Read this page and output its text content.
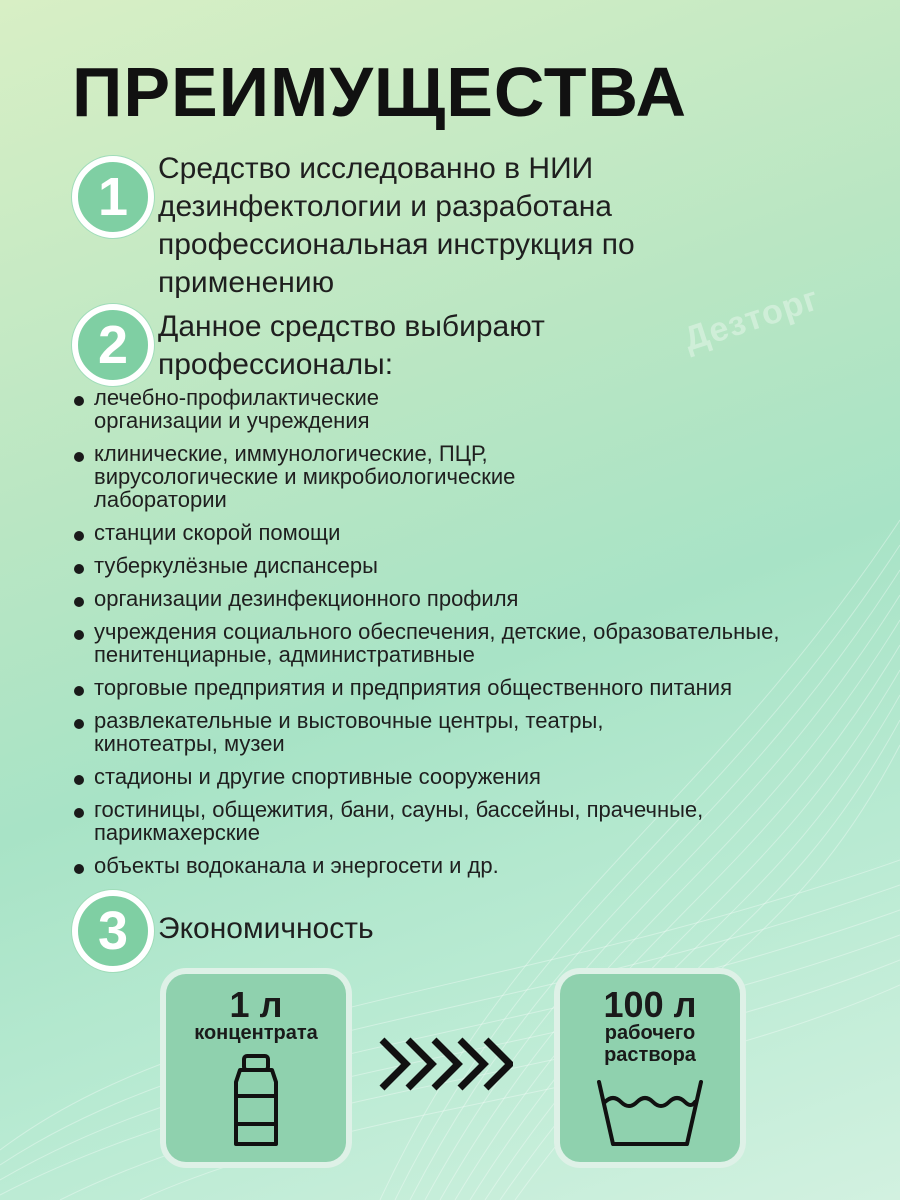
Дезторг
ПРЕИМУЩЕСТВА
1 Средство исследованно в НИИ дезинфектологии и разработана профессиональная инструкция по применению
2 Данное средство выбирают профессионалы:
лечебно-профилактические организации и учреждения
клинические, иммунологические, ПЦР, вирусологические и микробиологические лаборатории
станции скорой помощи
туберкулёзные диспансеры
организации дезинфекционного профиля
учреждения социального обеспечения, детские, образовательные, пенитенциарные, административные
торговые предприятия и предприятия общественного питания
развлекательные и выстовочные центры, театры, кинотеатры, музеи
стадионы и другие спортивные сооружения
гостиницы, общежития, бани, сауны, бассейны, прачечные, парикмахерские
объекты водоканала и энергосети и др.
3 Экономичность
1 л
концентрата
100 л
рабочего
раствора
